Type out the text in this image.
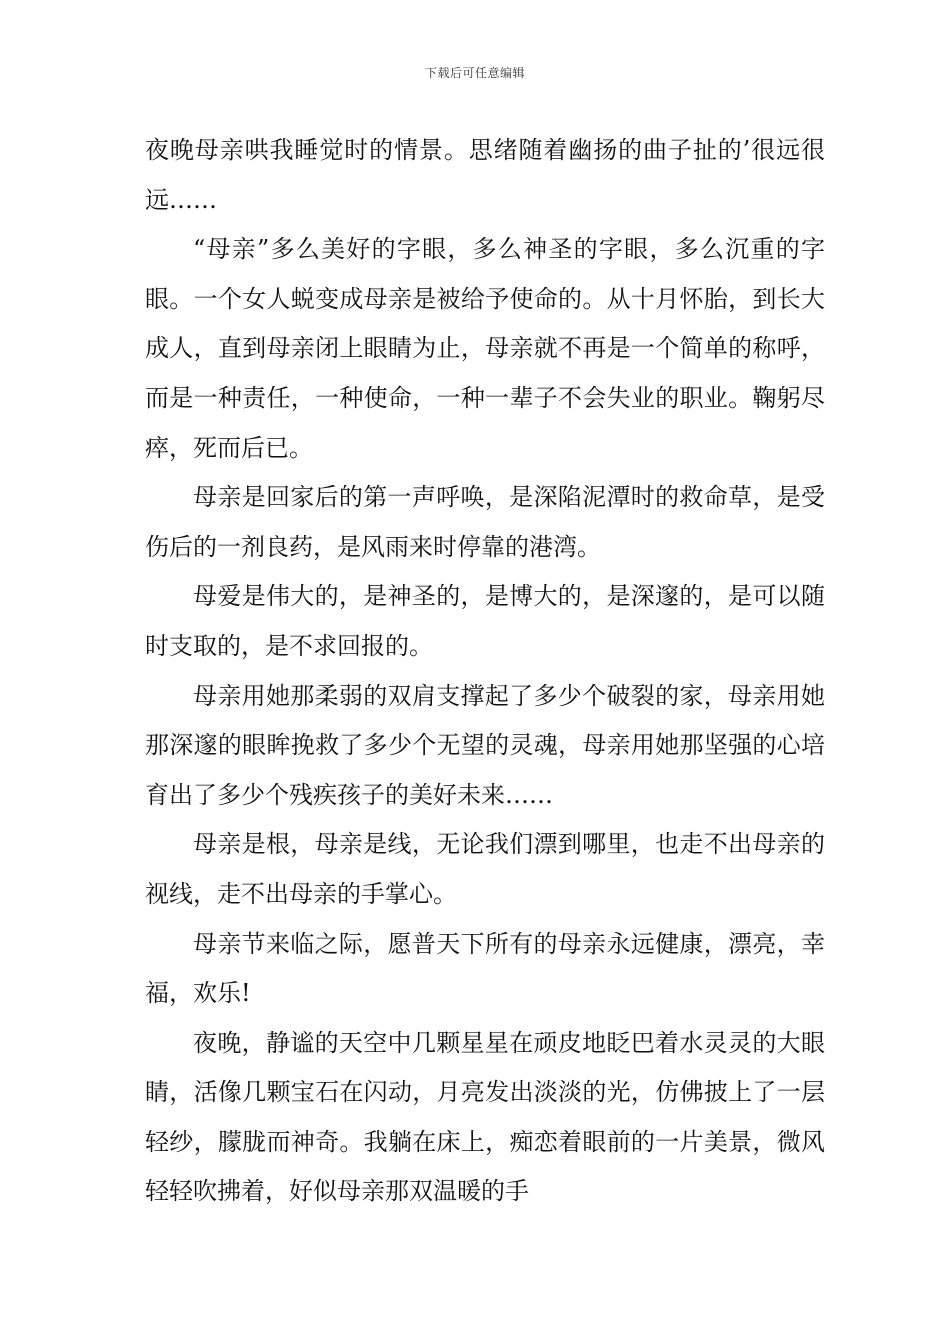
下载后可任意编辑

夜晚母亲哄我睡觉时的情景。思绪随着幽扬的曲子扯的’很远很远……

“母亲”多么美好的字眼，多么神圣的字眼，多么沉重的字眼。一个女人蜕变成母亲是被给予使命的。从十月怀胎，到长大成人，直到母亲闭上眼睛为止，母亲就不再是一个简单的称呼，而是一种责任，一种使命，一种一辈子不会失业的职业。鞠躬尽瘁，死而后已。

母亲是回家后的第一声呼唤，是深陷泥潭时的救命草，是受伤后的一剂良药，是风雨来时停靠的港湾。

母爱是伟大的，是神圣的，是博大的，是深邃的，是可以随时支取的，是不求回报的。

母亲用她那柔弱的双肩支撑起了多少个破裂的家，母亲用她那深邃的眼眸挽救了多少个无望的灵魂，母亲用她那坚强的心培育出了多少个残疾孩子的美好未来……

母亲是根，母亲是线，无论我们漂到哪里，也走不出母亲的视线，走不出母亲的手掌心。

母亲节来临之际，愿普天下所有的母亲永远健康，漂亮，幸福，欢乐!

夜晚，静谧的天空中几颗星星在顽皮地眨巴着水灵灵的大眼睛，活像几颗宝石在闪动，月亮发出淡淡的光，仿佛披上了一层轻纱，朦胧而神奇。我躺在床上，痴恋着眼前的一片美景，微风轻轻吹拂着，好似母亲那双温暖的手
